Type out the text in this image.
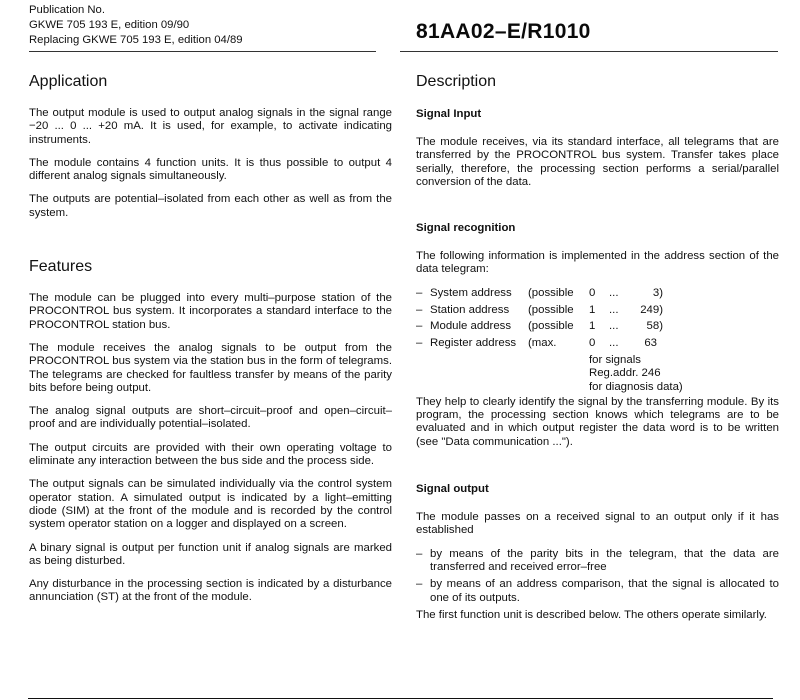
Publication No.
GKWE 705 193 E, edition 09/90
Replacing GKWE 705 193 E, edition 04/89	81AA02–E/R1010
Application

The output module is used to output analog signals in the signal range −20 ... 0 ... +20 mA. It is used, for example, to activate indicating instruments.

The module contains 4 function units. It is thus possible to output 4 different analog signals simultaneously.

The outputs are potential–isolated from each other as well as from the system.

Features

The module can be plugged into every multi–purpose station of the PROCONTROL bus system. It incorporates a standard interface to the PROCONTROL station bus.

The module receives the analog signals to be output from the PROCONTROL bus system via the station bus in the form of telegrams. The telegrams are checked for faultless transfer by means of the parity bits before being output.

The analog signal outputs are short–circuit–proof and open–circuit–proof and are individually potential–isolated.

The output circuits are provided with their own operating voltage to eliminate any interaction between the bus side and the process side.

The output signals can be simulated individually via the control system operator station. A simulated output is indicated by a light–emitting diode (SIM) at the front of the module and is recorded by the control system operator station on a logger and displayed on a screen.

A binary signal is output per function unit if analog signals are marked as being disturbed.

Any disturbance in the processing section is indicated by a disturbance annunciation (ST) at the front of the module.

Description
Signal Input

The module receives, via its standard interface, all telegrams that are transferred by the PROCONTROL bus system. Transfer takes place serially, therefore, the processing section performs a serial/parallel conversion of the data.

Signal recognition

The following information is implemented in the address section of the data telegram:

– System address	(possible	0	...	3)
– Station address	(possible	1	...	249)
– Module address	(possible	1	...	58)
– Register address	(max.	0	...	63
for signals
Reg.addr. 246
for diagnosis data)

They help to clearly identify the signal by the transferring module. By its program, the processing section knows which telegrams are to be evaluated and in which output register the data word is to be written (see "Data communication ...").

Signal output

The module passes on a received signal to an output only if it has established

– by means of the parity bits in the telegram, that the data are transferred and received error–free
– by means of an address comparison, that the signal is allocated to one of its outputs.

The first function unit is described below. The others operate similarly.
